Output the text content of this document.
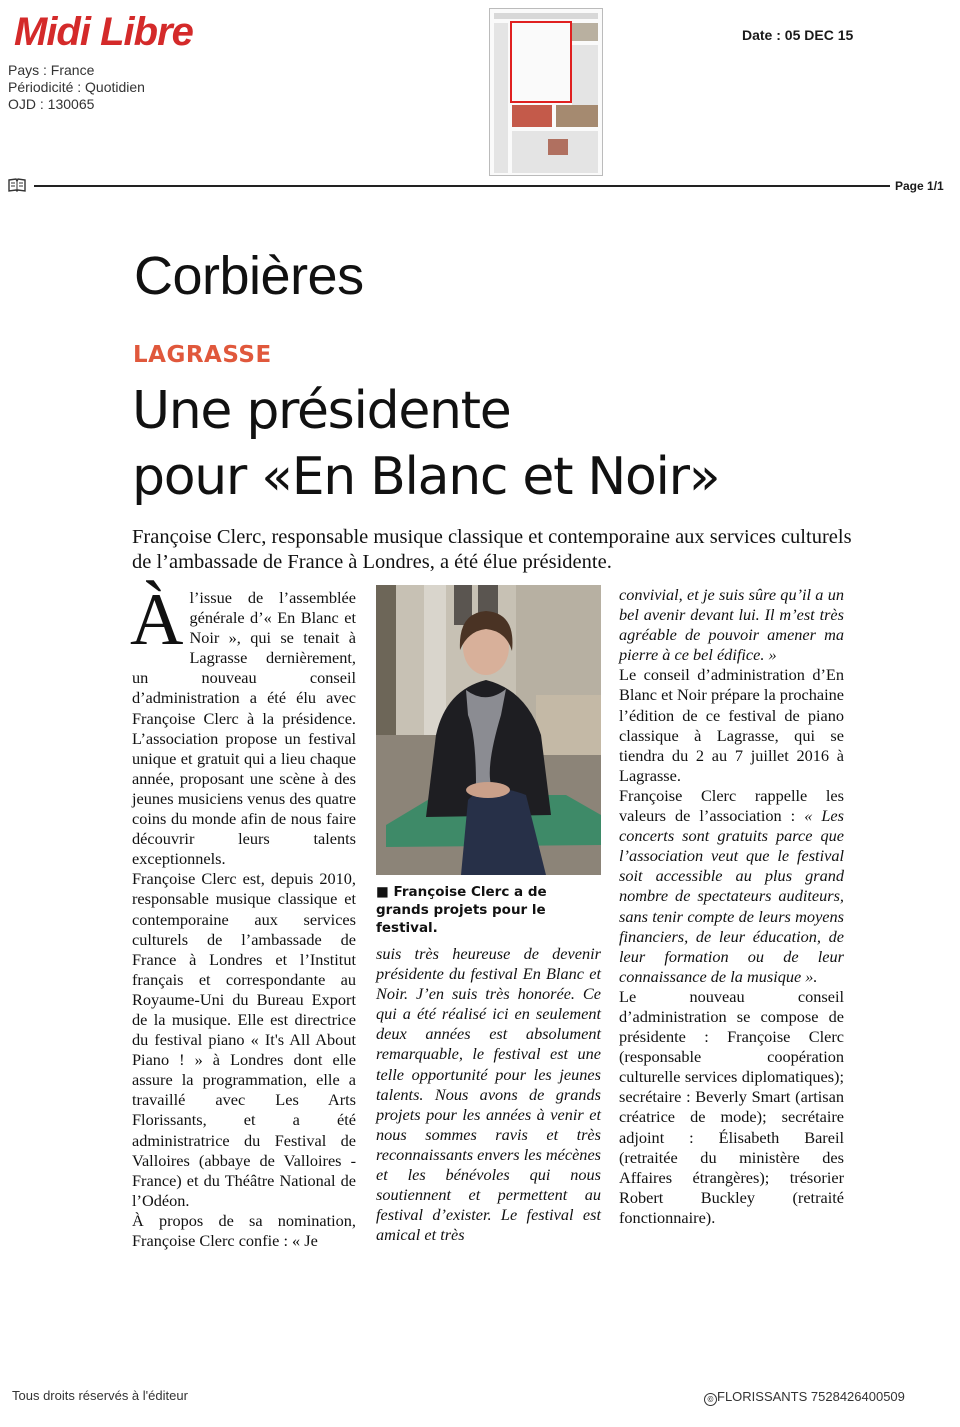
Midi Libre
Pays : France
Périodicité : Quotidien
OJD : 130065
Date : 05 DEC 15
Page 1/1
Corbières
LAGRASSE
Une présidente
pour «En Blanc et Noir»
Françoise Clerc, responsable musique classique et contemporaine aux services culturels de l’ambassade de France à Londres, a été élue présidente.

Àl’issue de l’assemblée générale d’« En Blanc et Noir », qui se tenait à Lagrasse dernièrement, un nouveau conseil d’administration a été élu avec Françoise Clerc à la présidence. L’association propose un festival unique et gratuit qui a lieu chaque année, proposant une scène à des jeunes musiciens venus des quatre coins du monde afin de nous faire découvrir leurs talents exceptionnels.

Françoise Clerc est, depuis 2010, responsable musique classique et contemporaine aux services culturels de l’ambassade de France à Londres et l’Institut français et correspondante au Royaume-Uni du Bureau Export de la musique. Elle est directrice du festival piano « It's All About Piano ! » à Londres dont elle assure la programmation, elle a travaillé avec Les Arts Florissants, et a été administratrice du Festival de Valloires (abbaye de Valloires - France) et du Théâtre National de l’Odéon.

À propos de sa nomination, Françoise Clerc confie : « Je

■ Françoise Clerc a de grands projets pour le festival.

suis très heureuse de devenir présidente du festival En Blanc et Noir. J’en suis très honorée. Ce qui a été réalisé ici en seulement deux années est absolument remarquable, le festival est une telle opportunité pour les jeunes talents. Nous avons de grands projets pour les années à venir et nous sommes ravis et très reconnaissants envers les mécènes et les bénévoles qui nous soutiennent et permettent au festival d’exister. Le festival est amical et très

convivial, et je suis sûre qu’il a un bel avenir devant lui. Il m’est très agréable de pouvoir amener ma pierre à ce bel édifice. »

Le conseil d’administration d’En Blanc et Noir prépare la prochaine l’édition de ce festival de piano classique à Lagrasse, qui se tiendra du 2 au 7 juillet 2016 à Lagrasse.

Françoise Clerc rappelle les valeurs de l’association : « Les concerts sont gratuits parce que l’association veut que le festival soit accessible au plus grand nombre de spectateurs auditeurs, sans tenir compte de leurs moyens financiers, de leur éducation, de leur formation ou de leur connaissance de la musique ».

Le nouveau conseil d’administration se compose de présidente : Françoise Clerc (responsable coopération culturelle services diplomatiques); secrétaire : Beverly Smart (artisan créatrice de mode); secrétaire adjoint : Élisabeth Bareil (retraitée du ministère des Affaires étrangères); trésorier Robert Buckley (retraité fonctionnaire).

Tous droits réservés à l'éditeur	© FLORISSANTS 7528426400509
